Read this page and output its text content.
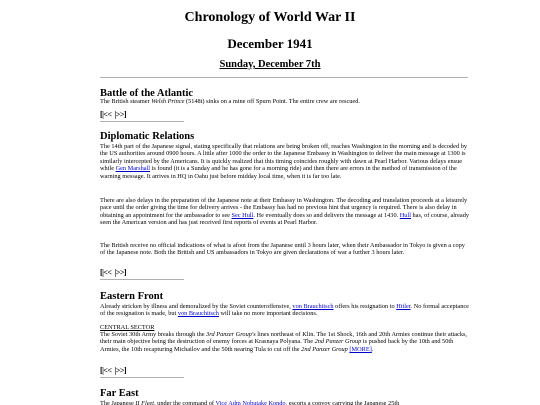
Chronology of World War II
December 1941
Sunday, December 7th
Battle of the Atlantic

The British steamer Welsh Prince (5148t) sinks on a mine off Spurn Point. The entire crew are rescued.

[|<< |>>]
Diplomatic Relations

The 14th part of the Japanese signal, stating specifically that relations are being broken off, reaches Washington in the morning and is decoded by the US authorities around 0900 hours. A little after 1000 the order to the Japanese Embassy in Washington to deliver the main message at 1300 is similarly intercepted by the Americans. It is quickly realized that this timing coincides roughly with dawn at Pearl Harbor. Various delays ensue while Gen Marshall is found (it is a Sunday and he has gone for a morning ride) and then there are errors in the method of transmission of the warning message. It arrives in HQ in Oahu just before midday local time, when it is far too late.

There are also delays in the preparation of the Japanese note at their Embassy in Washington. The decoding and translation proceeds at a leisurely pace until the order giving the time for delivery arrives - the Embassy has had no previous hint that urgency is required. There is also delay in obtaining an appointment for the ambassador to see Sec Hull. He eventually does so and delivers the message at 1430. Hull has, of course, already seen the American version and has just received first reports of events at Pearl Harbor.

The British receive no official indications of what is afoot from the Japanese until 3 hours later, when their Ambassador in Tokyo is given a copy of the Japanese note. Both the British and US ambassadors in Tokyo are given declarations of war a further 3 hours later.

[|<< |>>]
Eastern Front

Already stricken by illness and demoralized by the Soviet counteroffensive, von Brauchitsch offers his resignation to Hitler. No formal acceptance of the resignation is made, but von Brauchitsch will take no more important decisions.

CENTRAL SECTOR

The Soviet 30th Army breaks through the 3rd Panzer Group's lines northeast of Klin. The 1st Shock, 16th and 20th Armies continue their attacks, their main objective being the destruction of enemy forces at Krasnaya Polyana. The 2nd Panzer Group is pushed back by the 10th and 50th Armies, the 10th recapturing Michailov and the 50th nearing Tula to cut off the 2nd Panzer Group [MORE].

[|<< |>>]
Far East

The Japanese II Fleet, under the command of Vice Adm Nobutake Kondo, escorts a convoy carrying the Japanese 25th
